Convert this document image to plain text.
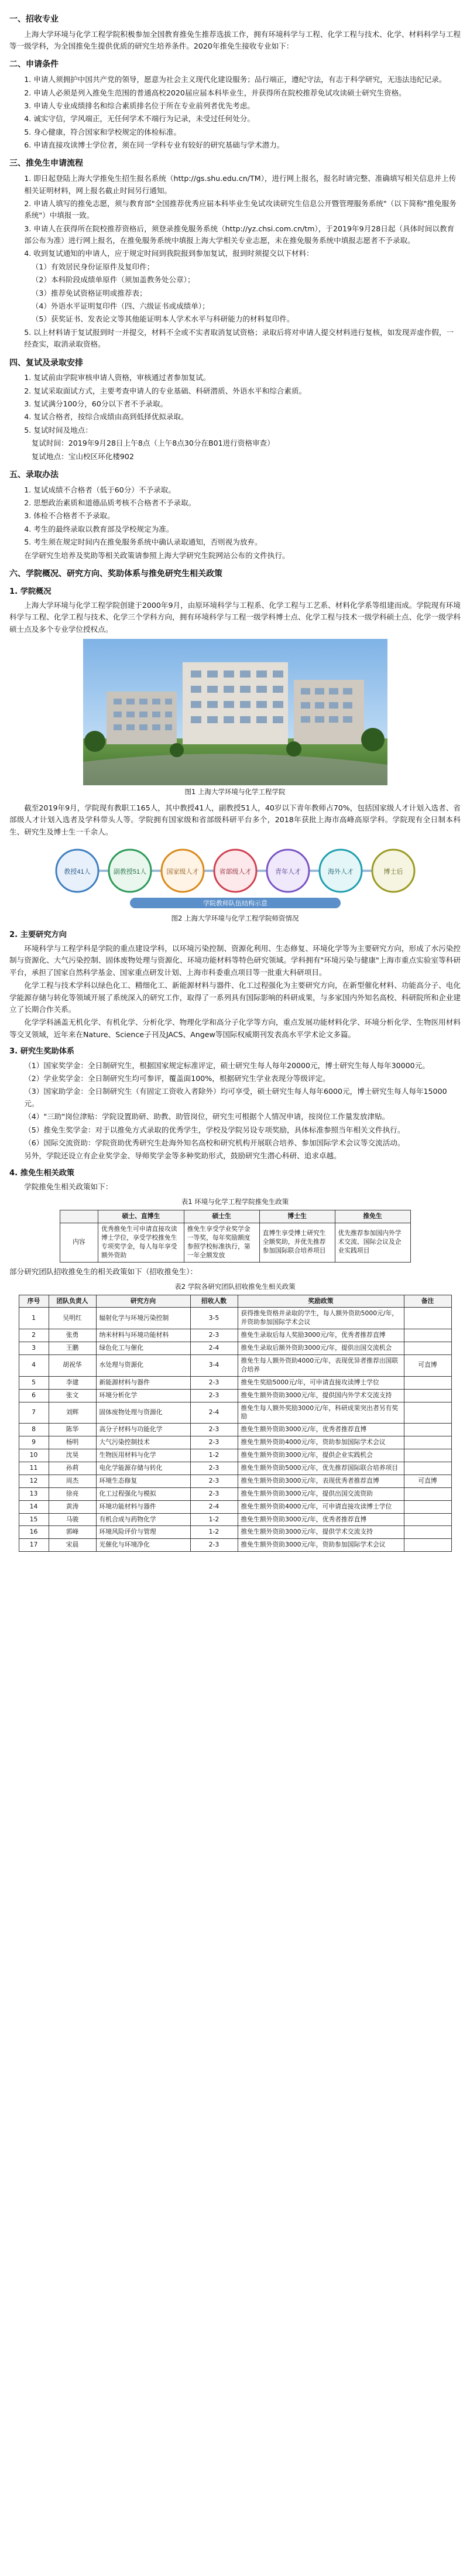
一、招收专业

上海大学环境与化学工程学院积极参加全国教育推免生推荐选拔工作，拥有环境科学与工程、化学工程与技术、化学、材料科学与工程等一级学科，为全国推免生提供优质的研究生培养条件。2020年推免生接收专业如下：

二、申请条件

1. 申请人须拥护中国共产党的领导，愿意为社会主义现代化建设服务；品行端正，遵纪守法，有志于科学研究，无违法违纪记录。

2. 申请人必须是列入推免生范围的普通高校2020届应届本科毕业生，并获得所在院校推荐免试攻读硕士研究生资格。

3. 申请人专业成绩排名和综合素质排名位于所在专业前列者优先考虑。

4. 诚实守信，学风端正，无任何学术不端行为记录，未受过任何处分。

5. 身心健康，符合国家和学校规定的体检标准。

6. 申请直接攻读博士学位者，须在同一学科专业有较好的研究基础与学术潜力。

三、推免生申请流程

1. 即日起登陆上海大学推免生招生报名系统（http://gs.shu.edu.cn/TM），进行网上报名，报名时请完整、准确填写相关信息并上传相关证明材料，网上报名截止时间另行通知。

2. 申请人填写的推免志愿，须与教育部"全国推荐优秀应届本科毕业生免试攻读研究生信息公开暨管理服务系统"（以下简称"推免服务系统"）中填报一致。

3. 申请人在获得所在院校推荐资格后，须登录推免服务系统（http://yz.chsi.com.cn/tm），于2019年9月28日起（具体时间以教育部公布为准）进行网上报名，在推免服务系统中填报上海大学相关专业志愿，未在推免服务系统中填报志愿者不予录取。

4. 收到复试通知的申请人，应于规定时间到我院报到参加复试，报到时须提交以下材料：

（1）有效居民身份证原件及复印件；

（2）本科阶段成绩单原件（须加盖教务处公章）；

（3）推荐免试资格证明或推荐表；

（4）外语水平证明复印件（四、六级证书或成绩单）；

（5）获奖证书、发表论文等其他能证明本人学术水平与科研能力的材料复印件。

5. 以上材料请于复试报到时一并提交，材料不全或不实者取消复试资格；录取后将对申请人提交材料进行复核，如发现弄虚作假，一经查实，取消录取资格。

四、复试及录取安排

1. 复试前由学院审核申请人资格，审核通过者参加复试。

2. 复试采取面试方式，主要考查申请人的专业基础、科研潜质、外语水平和综合素质。

3. 复试满分100分，60分以下者不予录取。

4. 复试合格者，按综合成绩由高到低择优拟录取。

5. 复试时间及地点：

复试时间：2019年9月28日上午8点（上午8点30分在B01进行资格审查）

复试地点：宝山校区环化楼902

五、录取办法

1. 复试成绩不合格者（低于60分）不予录取。

2. 思想政治素质和道德品质考核不合格者不予录取。

3. 体检不合格者不予录取。

4. 考生的最终录取以教育部及学校规定为准。

5. 考生须在规定时间内在推免服务系统中确认录取通知，否则视为放弃。

在学研究生培养及奖助等相关政策请参照上海大学研究生院网站公布的文件执行。

六、学院概况、研究方向、奖助体系与推免研究生相关政策
1. 学院概况

上海大学环境与化学工程学院创建于2000年9月，由原环境科学与工程系、化学工程与工艺系、材料化学系等组建而成。学院现有环境科学与工程、化学工程与技术、化学三个学科方向，拥有环境科学与工程一级学科博士点、化学工程与技术一级学科硕士点、化学一级学科硕士点及多个专业学位授权点。

图1 上海大学环境与化学工程学院

截至2019年9月，学院现有教职工165人，其中教授41人，副教授51人，40岁以下青年教师占70%，包括国家级人才计划入选者、省部级人才计划入选者及学科带头人等。学院拥有国家级和省部级科研平台多个，2018年获批上海市高峰高原学科。学院现有全日制本科生、研究生及博士生一千余人。

教授41人	副教授51人	国家级人才	省部级人才	青年人才	海外人才	博士后
学院教师队伍结构示意
图2 上海大学环境与化学工程学院师资情况
2. 主要研究方向

环境科学与工程学科是学院的重点建设学科，以环境污染控制、资源化利用、生态修复、环境化学等为主要研究方向，形成了水污染控制与资源化、大气污染控制、固体废物处理与资源化、环境功能材料等特色研究领域。学科拥有"环境污染与健康"上海市重点实验室等科研平台，承担了国家自然科学基金、国家重点研发计划、上海市科委重点项目等一批重大科研项目。

化学工程与技术学科以绿色化工、精细化工、新能源材料与器件、化工过程强化为主要研究方向，在新型催化材料、功能高分子、电化学能源存储与转化等领域开展了系统深入的研究工作，取得了一系列具有国际影响的科研成果，与多家国内外知名高校、科研院所和企业建立了长期合作关系。

化学学科涵盖无机化学、有机化学、分析化学、物理化学和高分子化学等方向，重点发展功能材料化学、环境分析化学、生物医用材料等交叉领域，近年来在Nature、Science子刊及JACS、Angew等国际权威期刊发表高水平学术论文多篇。

3. 研究生奖助体系

（1）国家奖学金：全日制研究生，根据国家规定标准评定，硕士研究生每人每年20000元，博士研究生每人每年30000元。

（2）学业奖学金：全日制研究生均可参评，覆盖面100%，根据研究生学业表现分等级评定。

（3）国家助学金：全日制研究生（有固定工资收入者除外）均可享受，硕士研究生每人每年6000元，博士研究生每人每年15000元。

（4）"三助"岗位津贴：学院设置助研、助教、助管岗位，研究生可根据个人情况申请，按岗位工作量发放津贴。

（5）推免生奖学金：对于以推免方式录取的优秀学生，学校及学院另设专项奖励，具体标准参照当年相关文件执行。

（6）国际交流资助：学院资助优秀研究生赴海外知名高校和研究机构开展联合培养、参加国际学术会议等交流活动。

另外，学院还设立有企业奖学金、导师奖学金等多种奖助形式，鼓励研究生潜心科研、追求卓越。

4. 推免生相关政策

学院推免生相关政策如下：

表1 环境与化学工程学院推免生政策
	硕士、直博生	硕士生	博士生	推免生
内容	优秀推免生可申请直接攻读博士学位，享受学校推免生专项奖学金，每人每年享受额外资助	推免生享受学业奖学金一等奖，每年奖励额度参照学校标准执行，第一年全额发放	直博生享受博士研究生全额奖助，并优先推荐参加国际联合培养项目	优先推荐参加国内外学术交流、国际会议及企业实践项目

部分研究团队招收推免生的相关政策如下（招收推免生）：

表2 学院各研究团队招收推免生相关政策
序号	团队负责人	研究方向	招收人数	奖励政策	备注
1	吴明红	辐射化学与环境污染控制	3-5	获得推免资格并录取的学生，每人额外资助5000元/年，并资助参加国际学术会议	
2	张勇	纳米材料与环境功能材料	2-3	推免生录取后每人奖励3000元/年，优秀者推荐直博	
3	王鹏	绿色化工与催化	2-4	推免生录取后额外资助3000元/年，提供出国交流机会	
4	胡祝华	水处理与资源化	3-4	推免生每人额外资助4000元/年，表现优异者推荐出国联合培养	可直博
5	李建	新能源材料与器件	2-3	推免生奖励5000元/年，可申请直接攻读博士学位	
6	张文	环境分析化学	2-3	推免生额外资助3000元/年，提供国内外学术交流支持	
7	刘辉	固体废物处理与资源化	2-4	推免生每人额外奖励3000元/年，科研成果突出者另有奖励	
8	陈华	高分子材料与功能化学	2-3	推免生额外资助3000元/年，优秀者推荐直博	
9	杨明	大气污染控制技术	2-3	推免生额外资助4000元/年，资助参加国际学术会议	
10	沈昊	生物医用材料与化学	1-2	推免生额外资助3000元/年，提供企业实践机会	
11	孙莉	电化学能源存储与转化	2-3	推免生额外资助5000元/年，优先推荐国际联合培养项目	
12	周杰	环境生态修复	2-3	推免生额外资助3000元/年，表现优秀者推荐直博	可直博
13	徐亮	化工过程强化与模拟	2-3	推免生额外资助3000元/年，提供出国交流资助	
14	黄涛	环境功能材料与器件	2-4	推免生额外资助4000元/年，可申请直接攻读博士学位	
15	马骏	有机合成与药物化学	1-2	推免生额外资助3000元/年，优秀者推荐直博	
16	郭峰	环境风险评价与管理	1-2	推免生额外资助3000元/年，提供学术交流支持	
17	宋晨	光催化与环境净化	2-3	推免生额外资助3000元/年，资助参加国际学术会议	
